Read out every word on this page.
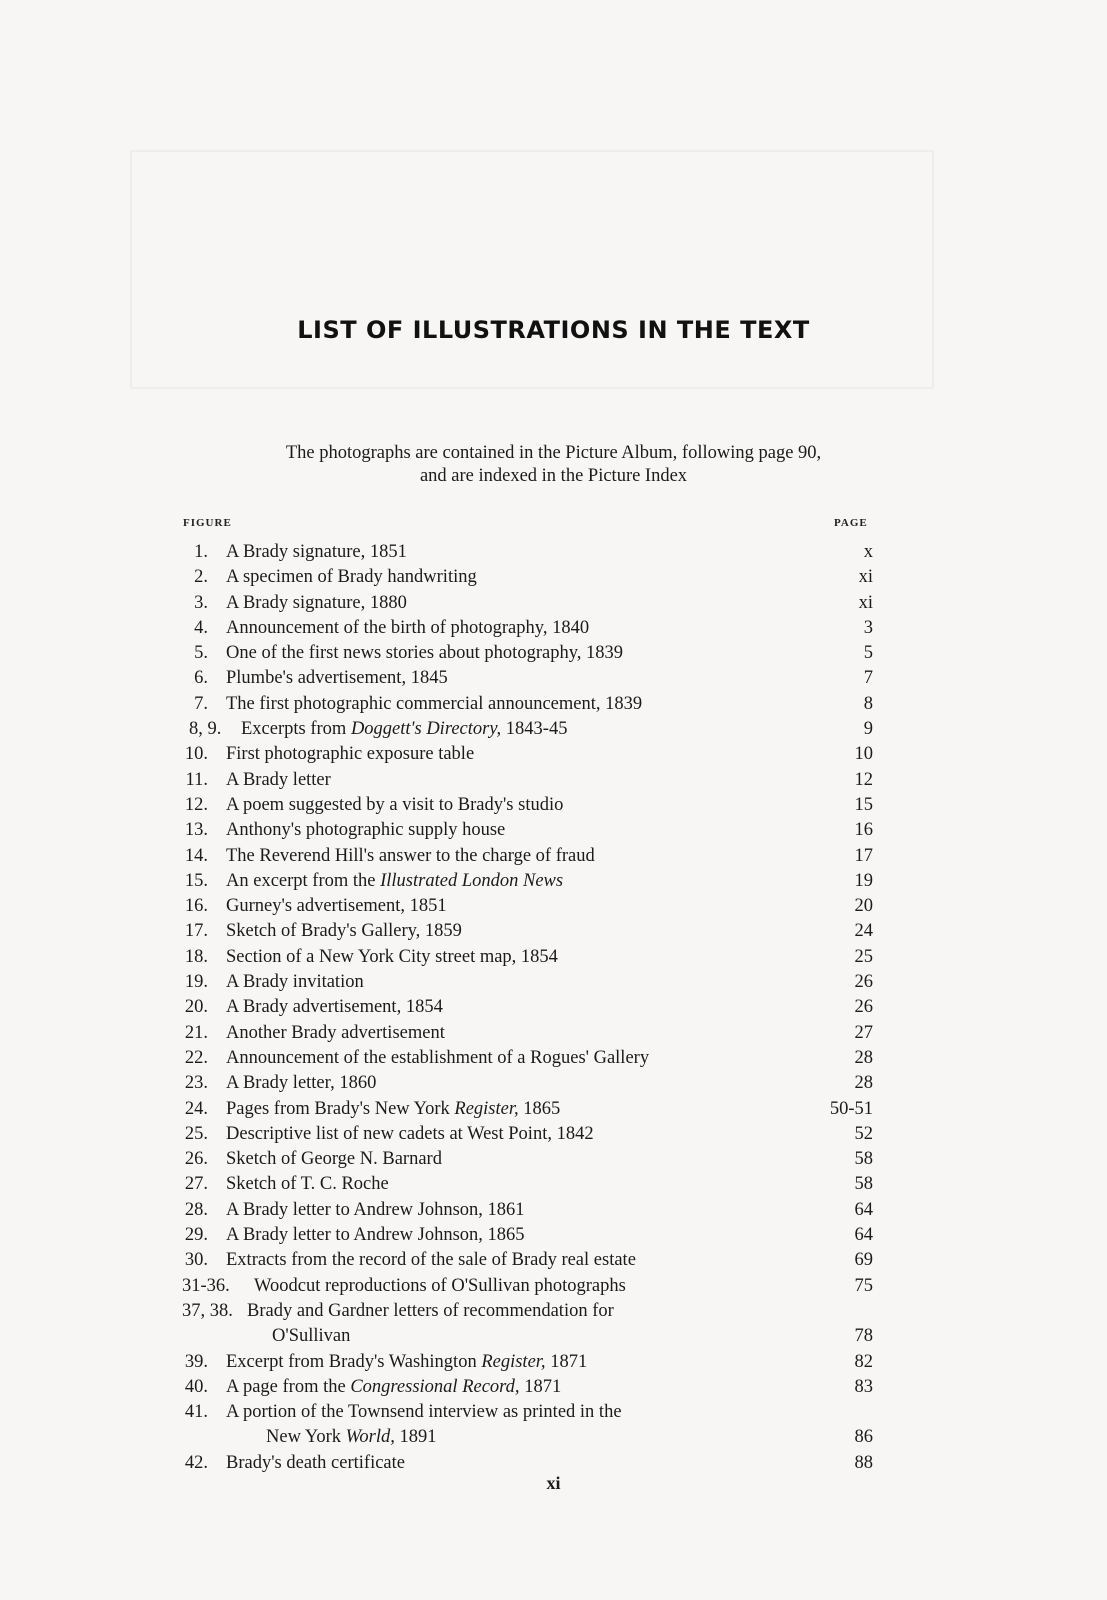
LIST OF ILLUSTRATIONS IN THE TEXT
The photographs are contained in the Picture Album, following page 90,
and are indexed in the Picture Index
FIGURE	PAGE
1. A Brady signature, 1851	x
2. A specimen of Brady handwriting	xi
3. A Brady signature, 1880	xi
4. Announcement of the birth of photography, 1840	3
5. One of the first news stories about photography, 1839	5
6. Plumbe's advertisement, 1845	7
7. The first photographic commercial announcement, 1839	8
8, 9. Excerpts from Doggett's Directory, 1843-45	9
10. First photographic exposure table	10
11. A Brady letter	12
12. A poem suggested by a visit to Brady's studio	15
13. Anthony's photographic supply house	16
14. The Reverend Hill's answer to the charge of fraud	17
15. An excerpt from the Illustrated London News	19
16. Gurney's advertisement, 1851	20
17. Sketch of Brady's Gallery, 1859	24
18. Section of a New York City street map, 1854	25
19. A Brady invitation	26
20. A Brady advertisement, 1854	26
21. Another Brady advertisement	27
22. Announcement of the establishment of a Rogues' Gallery	28
23. A Brady letter, 1860	28
24. Pages from Brady's New York Register, 1865	50-51
25. Descriptive list of new cadets at West Point, 1842	52
26. Sketch of George N. Barnard	58
27. Sketch of T. C. Roche	58
28. A Brady letter to Andrew Johnson, 1861	64
29. A Brady letter to Andrew Johnson, 1865	64
30. Extracts from the record of the sale of Brady real estate	69
31-36. Woodcut reproductions of O'Sullivan photographs	75
37, 38. Brady and Gardner letters of recommendation for
O'Sullivan	78
39. Excerpt from Brady's Washington Register, 1871	82
40. A page from the Congressional Record, 1871	83
41. A portion of the Townsend interview as printed in the
New York World, 1891	86
42. Brady's death certificate	88
xi
